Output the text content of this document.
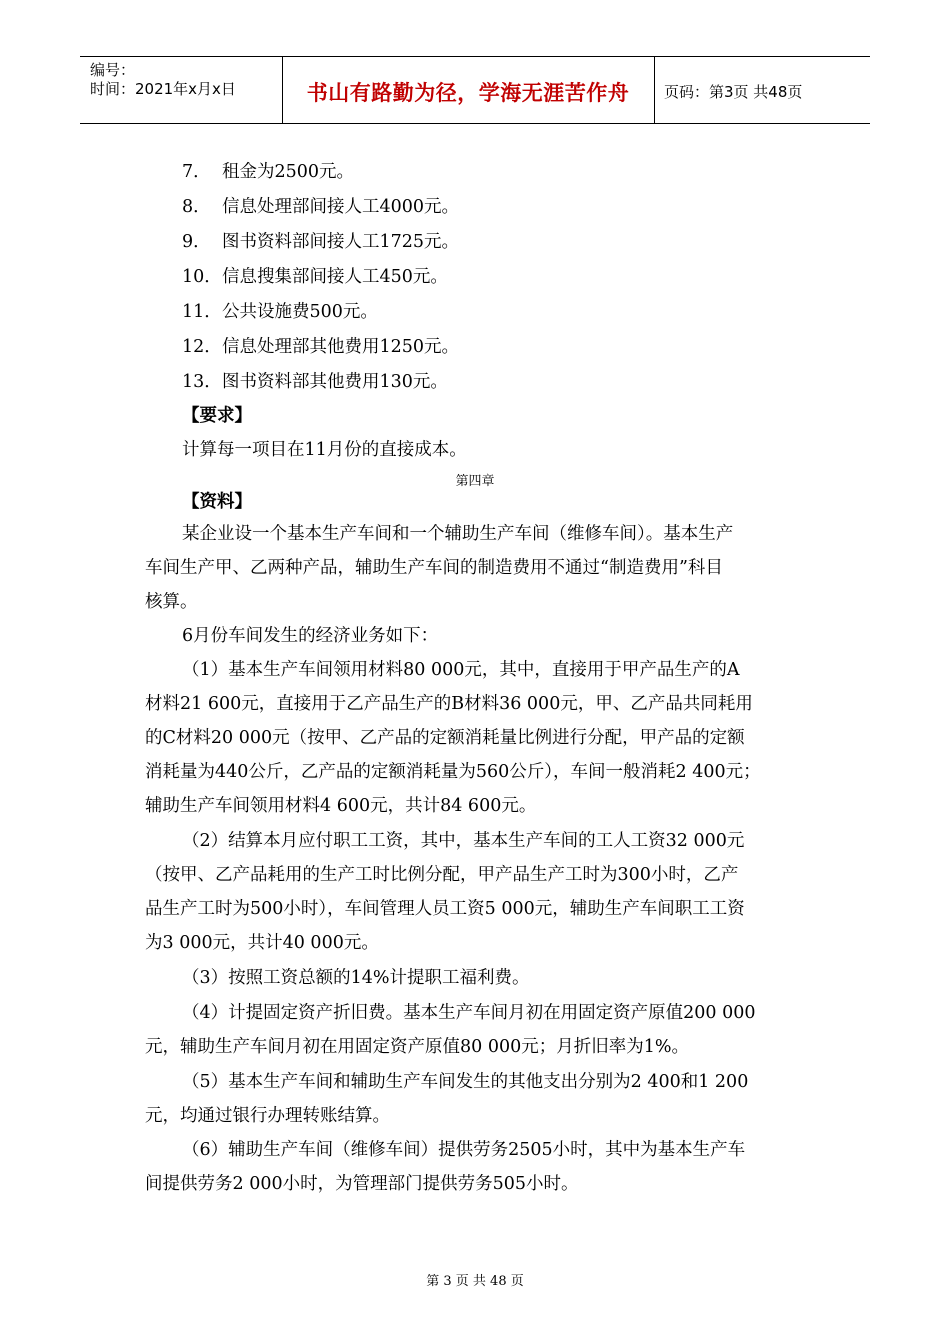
编号：
时间：2021年x月x日	书山有路勤为径，学海无涯苦作舟	页码：第3页 共48页
7． 租金为2500元。
8． 信息处理部间接人工4000元。
9． 图书资料部间接人工1725元。
10．信息搜集部间接人工450元。
11．公共设施费500元。
12．信息处理部其他费用1250元。
13．图书资料部其他费用130元。
【要求】
计算每一项目在11月份的直接成本。
第四章
【资料】
某企业设一个基本生产车间和一个辅助生产车间（维修车间）。基本生产
车间生产甲、乙两种产品，辅助生产车间的制造费用不通过“制造费用”科目
核算。
6月份车间发生的经济业务如下：
（1）基本生产车间领用材料80 000元，其中，直接用于甲产品生产的A
材料21 600元，直接用于乙产品生产的B材料36 000元，甲、乙产品共同耗用
的C材料20 000元（按甲、乙产品的定额消耗量比例进行分配，甲产品的定额
消耗量为440公斤，乙产品的定额消耗量为560公斤），车间一般消耗2 400元；
辅助生产车间领用材料4 600元，共计84 600元。
（2）结算本月应付职工工资，其中，基本生产车间的工人工资32 000元
（按甲、乙产品耗用的生产工时比例分配，甲产品生产工时为300小时，乙产
品生产工时为500小时），车间管理人员工资5 000元，辅助生产车间职工工资
为3 000元，共计40 000元。
（3）按照工资总额的14%计提职工福利费。
（4）计提固定资产折旧费。基本生产车间月初在用固定资产原值200 000
元，辅助生产车间月初在用固定资产原值80 000元；月折旧率为1%。
（5）基本生产车间和辅助生产车间发生的其他支出分别为2 400和1 200
元，均通过银行办理转账结算。
（6）辅助生产车间（维修车间）提供劳务2505小时，其中为基本生产车
间提供劳务2 000小时，为管理部门提供劳务505小时。
第 3 页 共 48 页
